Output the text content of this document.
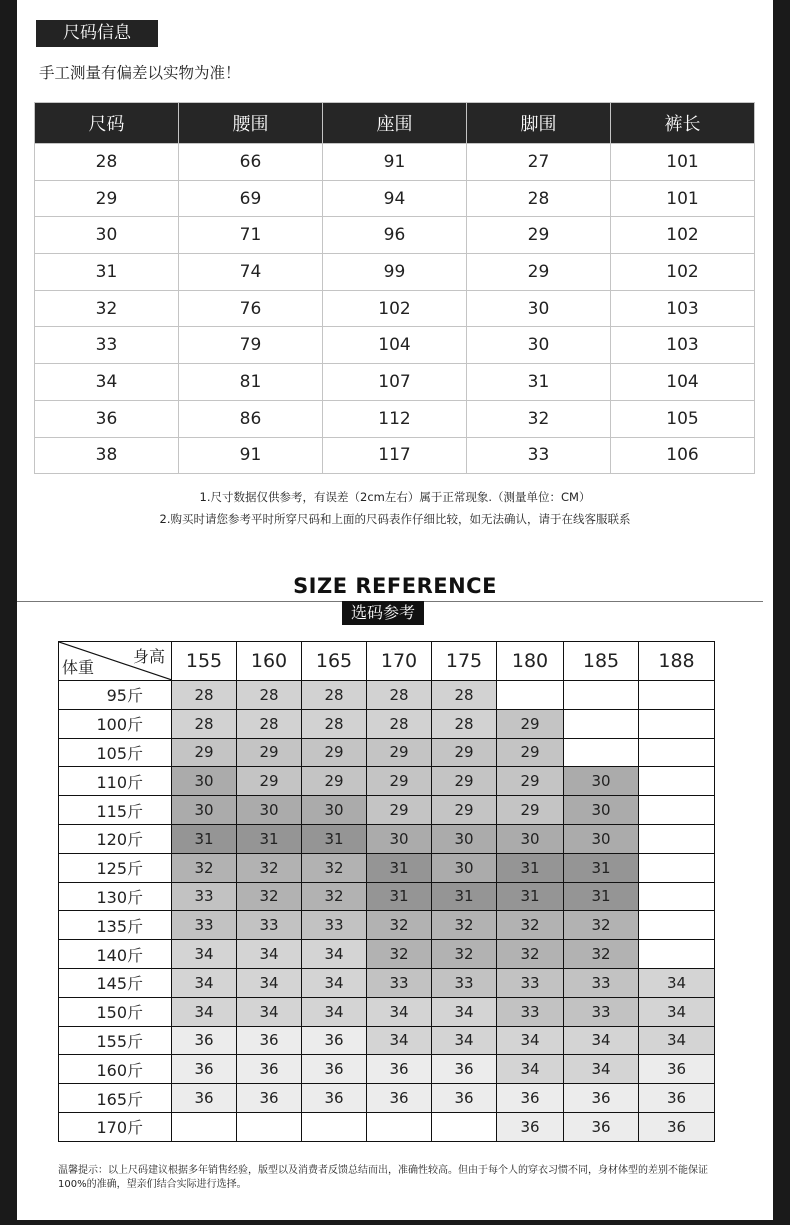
尺码信息
手工测量有偏差以实物为准！
尺码	腰围	座围	脚围	裤长
28	66	91	27	101
29	69	94	28	101
30	71	96	29	102
31	74	99	29	102
32	76	102	30	103
33	79	104	30	103
34	81	107	31	104
36	86	112	32	105
38	91	117	33	106
1.尺寸数据仅供参考，有误差（2cm左右）属于正常现象.（测量单位：CM）
2.购买时请您参考平时所穿尺码和上面的尺码表作仔细比较，如无法确认，请于在线客服联系
SIZE REFERENCE
选码参考
身高
体重	155	160	165	170	175	180	185	188
95斤	28	28	28	28	28			
100斤	28	28	28	28	28	29		
105斤	29	29	29	29	29	29		
110斤	30	29	29	29	29	29	30	
115斤	30	30	30	29	29	29	30	
120斤	31	31	31	30	30	30	30	
125斤	32	32	32	31	30	31	31	
130斤	33	32	32	31	31	31	31	
135斤	33	33	33	32	32	32	32	
140斤	34	34	34	32	32	32	32	
145斤	34	34	34	33	33	33	33	34
150斤	34	34	34	34	34	33	33	34
155斤	36	36	36	34	34	34	34	34
160斤	36	36	36	36	36	34	34	36
165斤	36	36	36	36	36	36	36	36
170斤						36	36	36
温馨提示：以上尺码建议根据多年销售经验，版型以及消费者反馈总结而出，准确性较高。但由于每个人的穿衣习惯不同，身材体型的差别不能保证100%的准确，望亲们结合实际进行选择。
